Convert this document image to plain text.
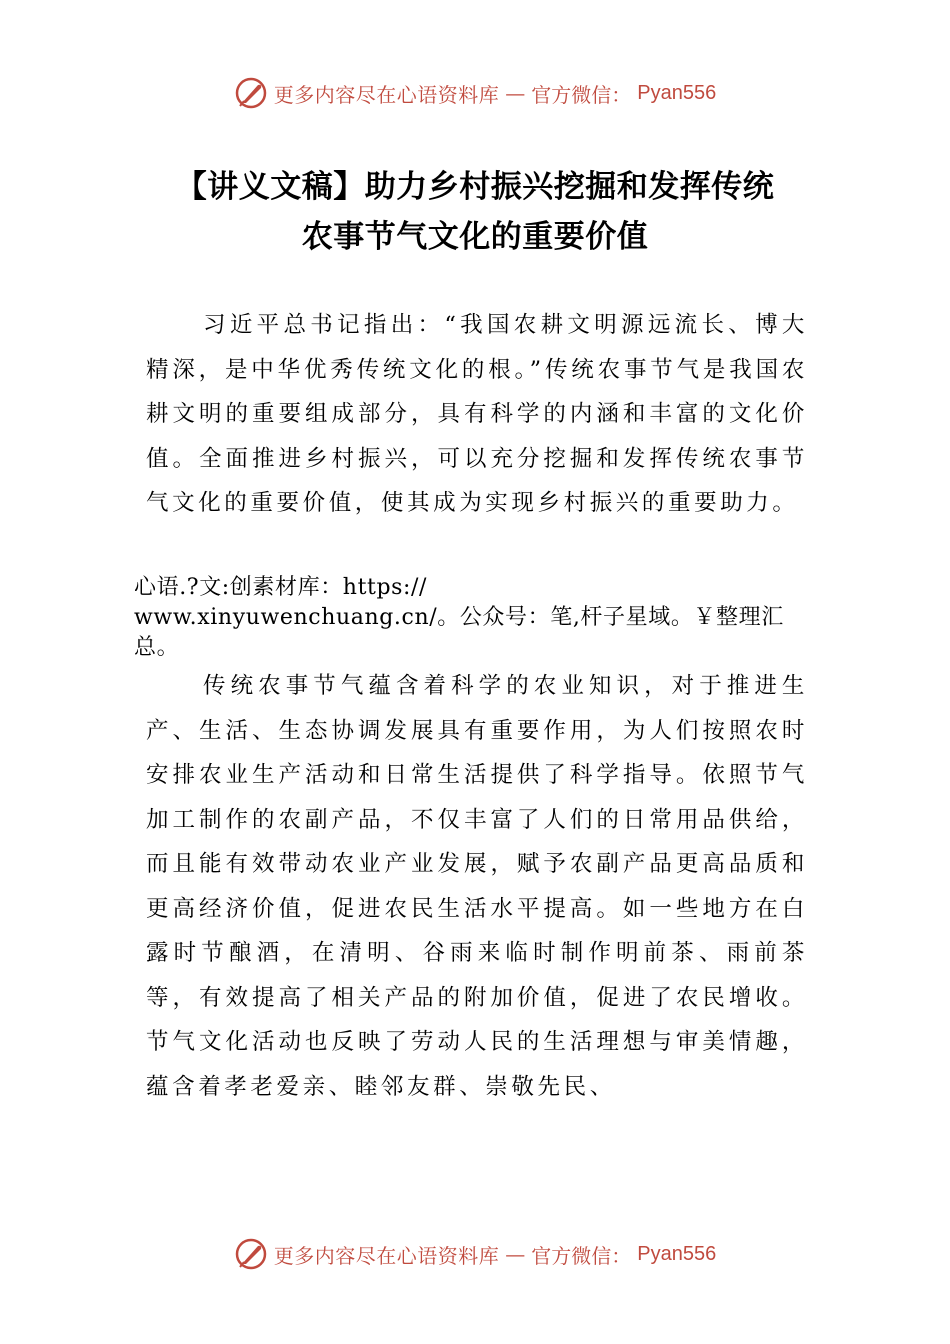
更多内容尽在心语资料库 — 官方微信： Pyan556
【讲义文稿】助力乡村振兴挖掘和发挥传统
农事节气文化的重要价值

习近平总书记指出：“我国农耕文明源远流长、博大精深，是中华优秀传统文化的根。”传统农事节气是我国农耕文明的重要组成部分，具有科学的内涵和丰富的文化价值。全面推进乡村振兴，可以充分挖掘和发挥传统农事节气文化的重要价值，使其成为实现乡村振兴的重要助力。

心语.?文:创素材库：https://
www.xinyuwenchuang.cn/。公众号：笔,杆子星域。￥整理汇总。

传统农事节气蕴含着科学的农业知识，对于推进生产、生活、生态协调发展具有重要作用，为人们按照农时安排农业生产活动和日常生活提供了科学指导。依照节气加工制作的农副产品，不仅丰富了人们的日常用品供给，而且能有效带动农业产业发展，赋予农副产品更高品质和更高经济价值，促进农民生活水平提高。如一些地方在白露时节酿酒，在清明、谷雨来临时制作明前茶、雨前茶等，有效提高了相关产品的附加价值，促进了农民增收。节气文化活动也反映了劳动人民的生活理想与审美情趣，蕴含着孝老爱亲、睦邻友群、崇敬先民、

更多内容尽在心语资料库 — 官方微信： Pyan556
